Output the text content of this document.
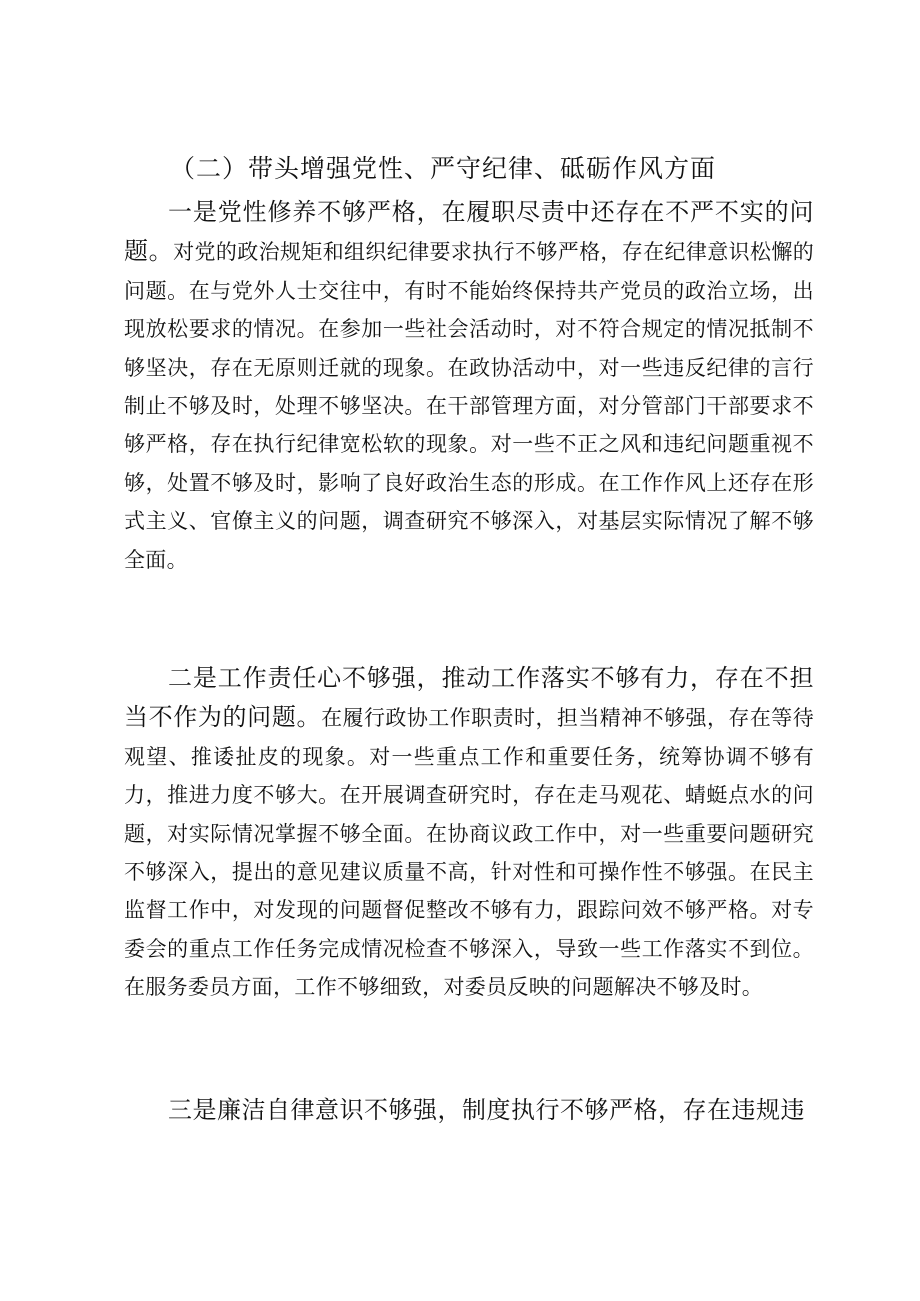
（二）带头增强党性、严守纪律、砥砺作风方面

一是党性修养不够严格，在履职尽责中还存在不严不实的问题。对党的政治规矩和组织纪律要求执行不够严格，存在纪律意识松懈的问题。在与党外人士交往中，有时不能始终保持共产党员的政治立场，出现放松要求的情况。在参加一些社会活动时，对不符合规定的情况抵制不够坚决，存在无原则迁就的现象。在政协活动中，对一些违反纪律的言行制止不够及时，处理不够坚决。在干部管理方面，对分管部门干部要求不够严格，存在执行纪律宽松软的现象。对一些不正之风和违纪问题重视不够，处置不够及时，影响了良好政治生态的形成。在工作作风上还存在形式主义、官僚主义的问题，调查研究不够深入，对基层实际情况了解不够全面。

二是工作责任心不够强，推动工作落实不够有力，存在不担当不作为的问题。在履行政协工作职责时，担当精神不够强，存在等待观望、推诿扯皮的现象。对一些重点工作和重要任务，统筹协调不够有力，推进力度不够大。在开展调查研究时，存在走马观花、蜻蜓点水的问题，对实际情况掌握不够全面。在协商议政工作中，对一些重要问题研究不够深入，提出的意见建议质量不高，针对性和可操作性不够强。在民主监督工作中，对发现的问题督促整改不够有力，跟踪问效不够严格。对专委会的重点工作任务完成情况检查不够深入，导致一些工作落实不到位。在服务委员方面，工作不够细致，对委员反映的问题解决不够及时。

三是廉洁自律意识不够强，制度执行不够严格，存在违规违
